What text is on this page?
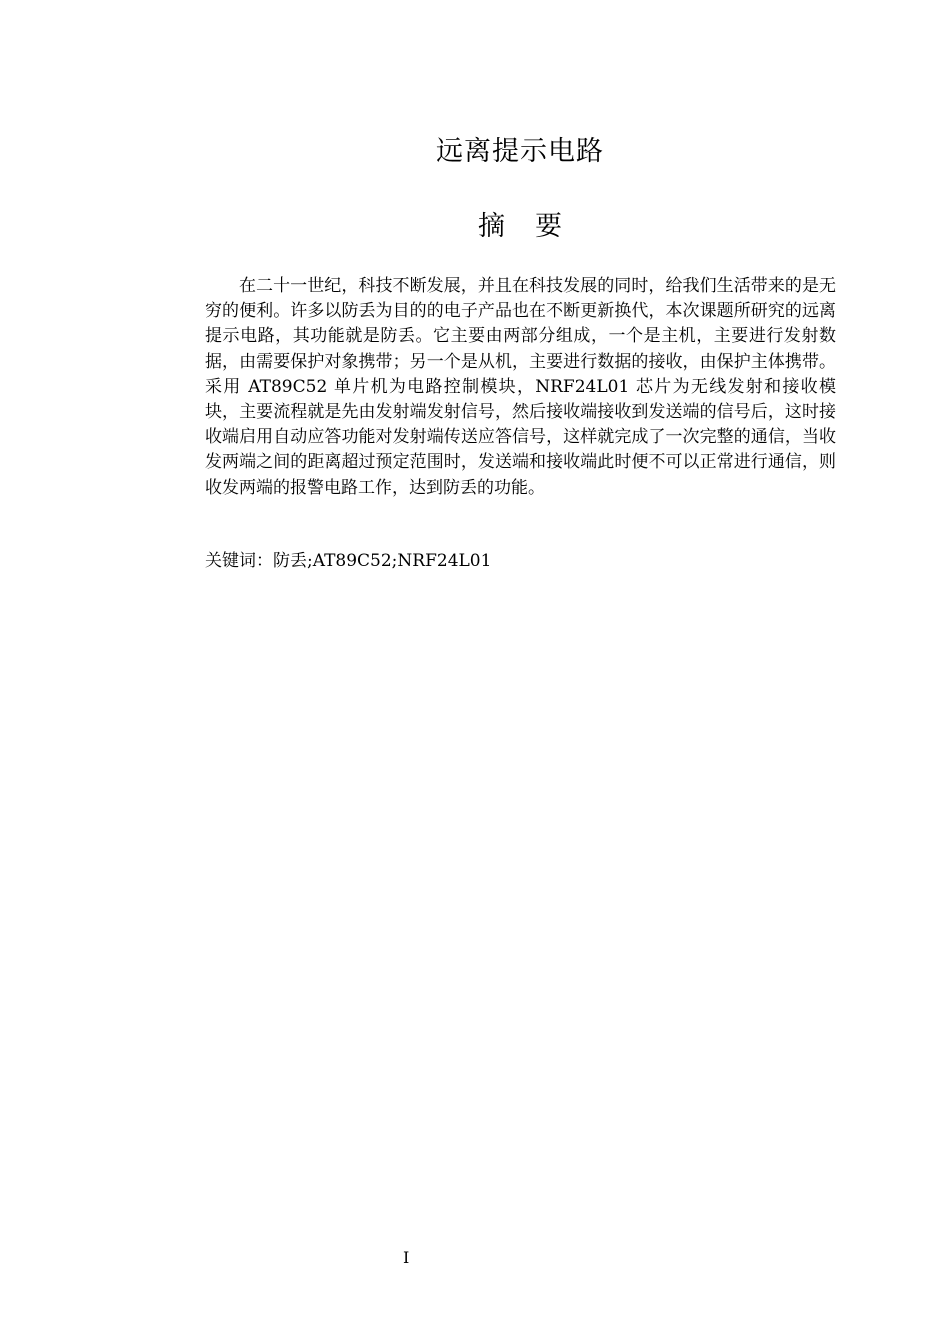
远离提示电路
摘 要
在二十一世纪，科技不断发展，并且在科技发展的同时，给我们生活带来的是无穷的便利。许多以防丢为目的的电子产品也在不断更新换代，本次课题所研究的远离提示电路，其功能就是防丢。它主要由两部分组成，一个是主机，主要进行发射数据，由需要保护对象携带；另一个是从机，主要进行数据的接收，由保护主体携带。采用 AT89C52 单片机为电路控制模块，NRF24L01 芯片为无线发射和接收模块，主要流程就是先由发射端发射信号，然后接收端接收到发送端的信号后，这时接收端启用自动应答功能对发射端传送应答信号，这样就完成了一次完整的通信，当收发两端之间的距离超过预定范围时，发送端和接收端此时便不可以正常进行通信，则收发两端的报警电路工作，达到防丢的功能。
关键词：防丢;AT89C52;NRF24L01
I
